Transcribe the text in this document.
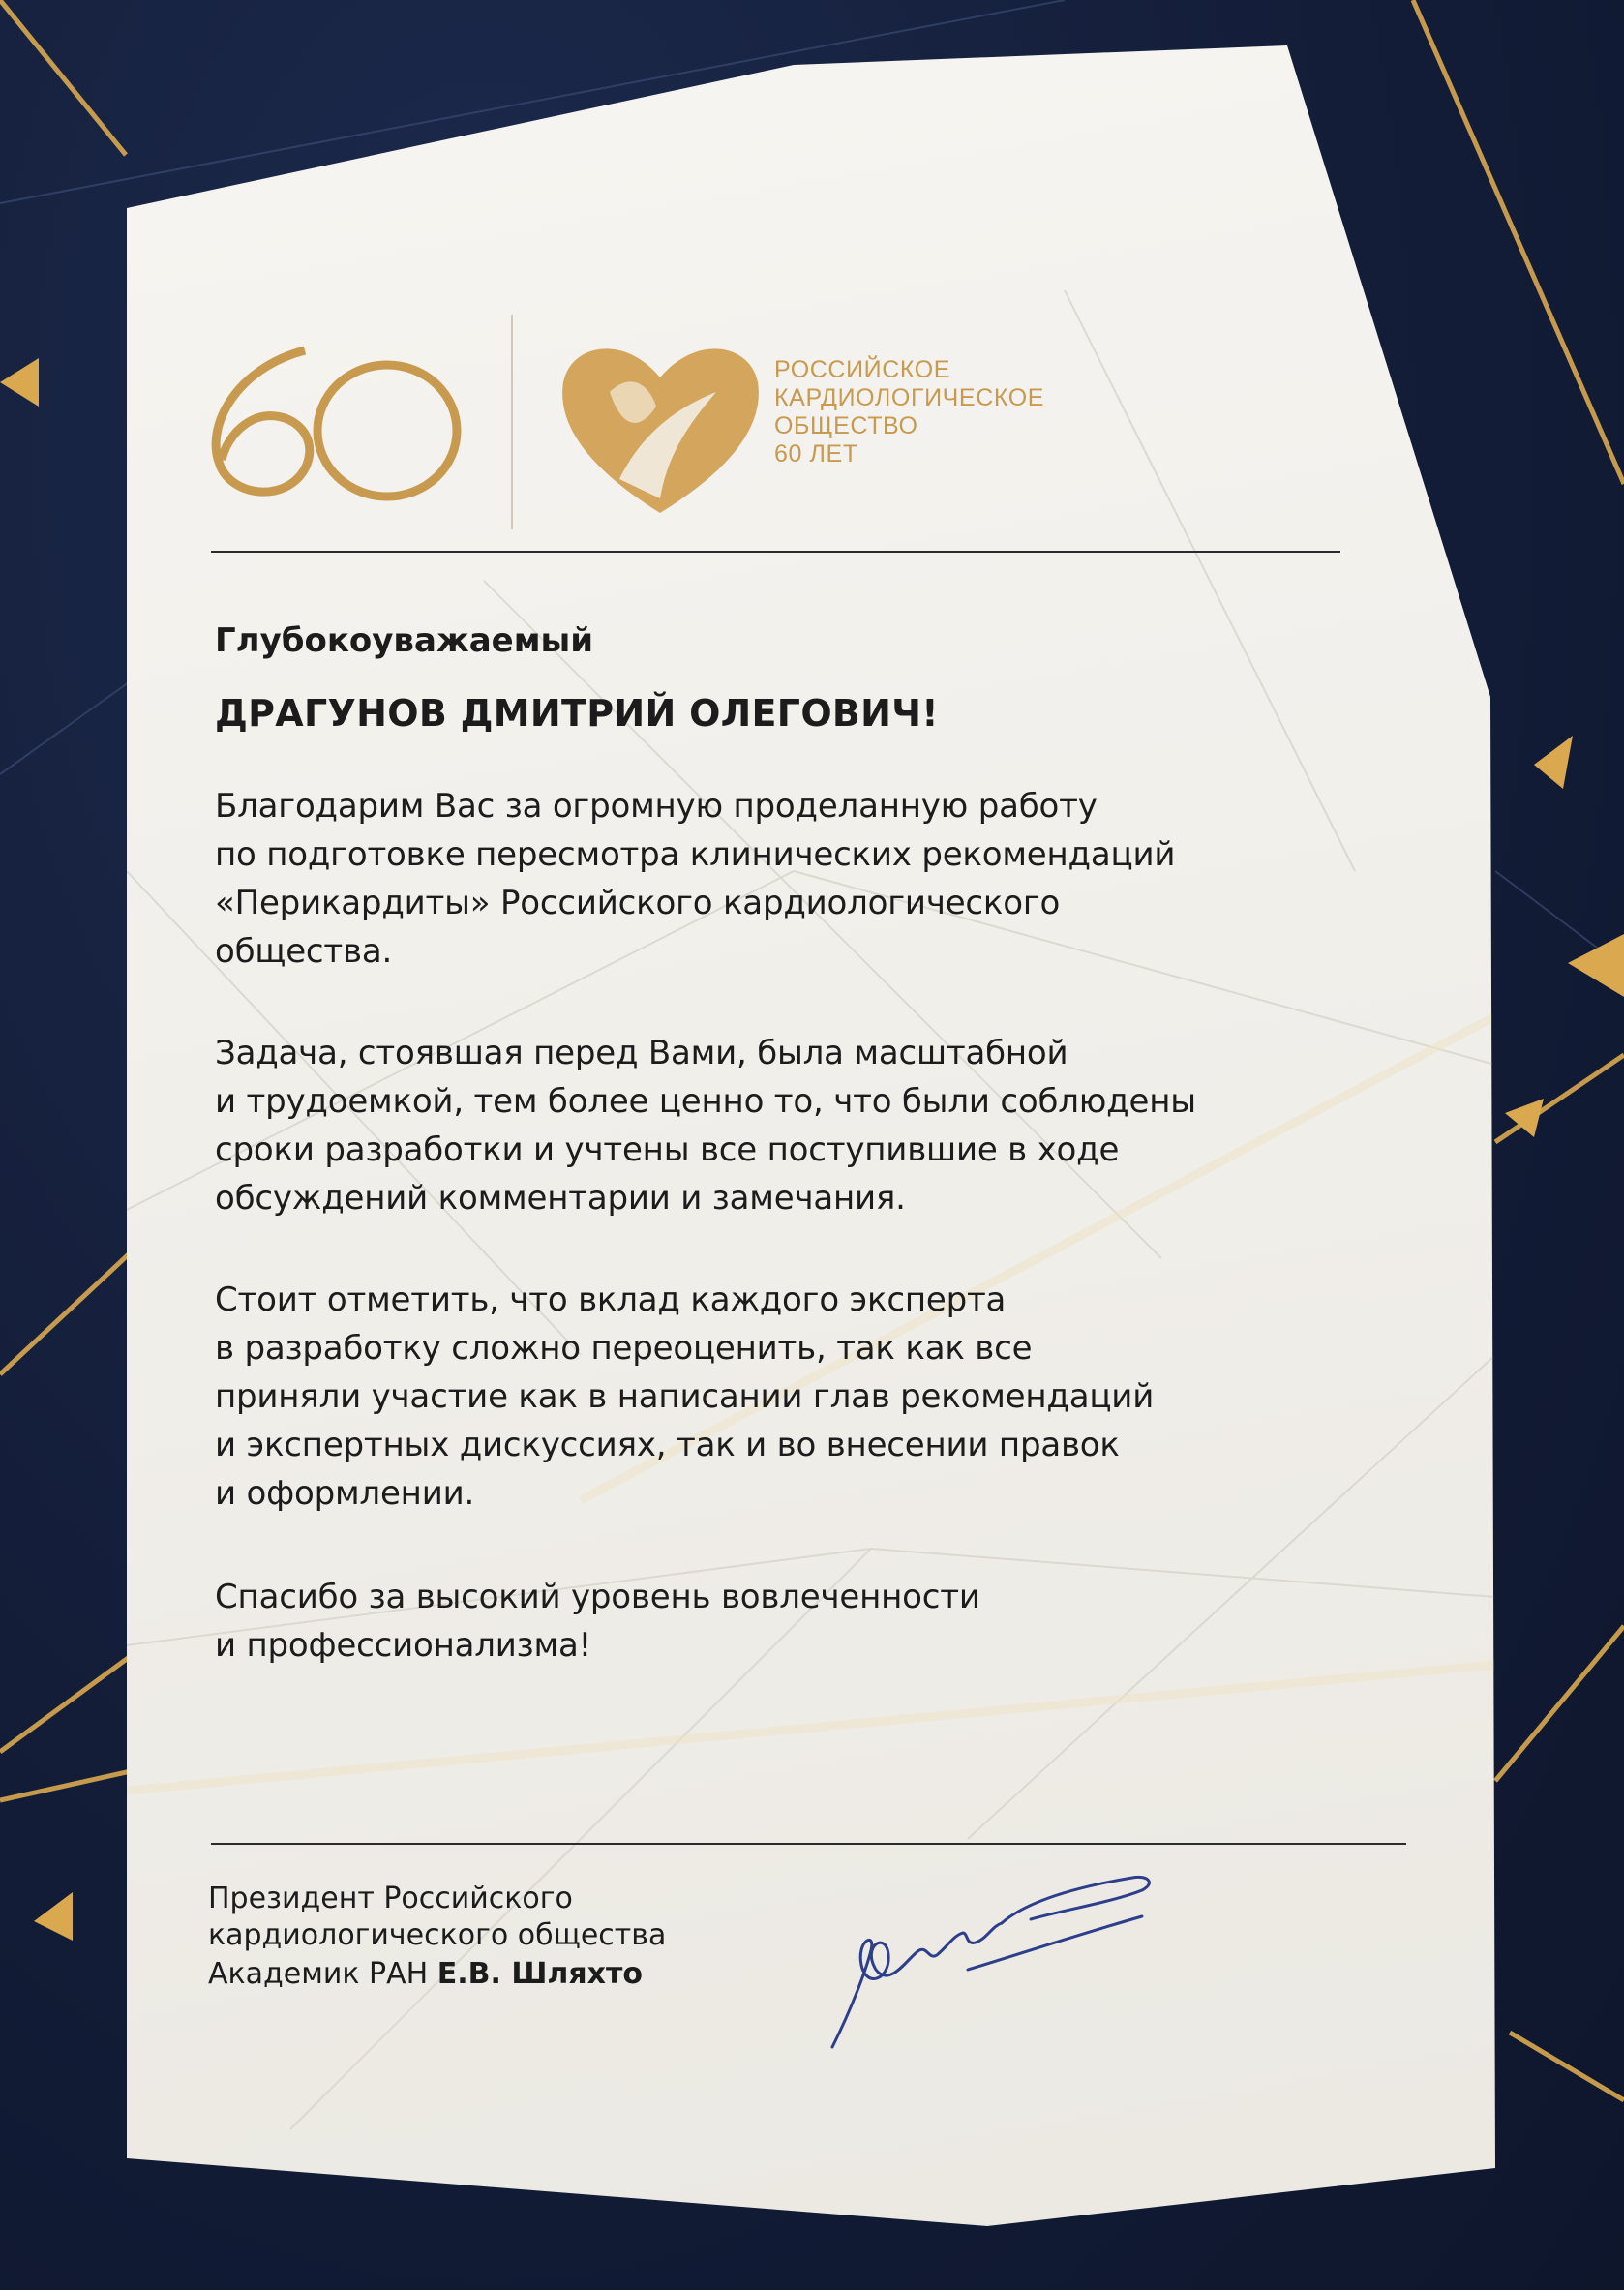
РОССИЙСКОЕ
КАРДИОЛОГИЧЕСКОЕ
ОБЩЕСТВО
60 ЛЕТ

Глубокоуважаемый

ДРАГУНОВ ДМИТРИЙ ОЛЕГОВИЧ!

Благодарим Вас за огромную проделанную работу

по подготовке пересмотра клинических рекомендаций

«Перикардиты» Российского кардиологического

общества.

Задача, стоявшая перед Вами, была масштабной

и трудоемкой, тем более ценно то, что были соблюдены

сроки разработки и учтены все поступившие в ходе

обсуждений комментарии и замечания.

Стоит отметить, что вклад каждого эксперта

в разработку сложно переоценить, так как все

приняли участие как в написании глав рекомендаций

и экспертных дискуссиях, так и во внесении правок

и оформлении.

Спасибо за высокий уровень вовлеченности

и профессионализма!

Президент Российского

кардиологического общества

Академик РАН Е.В. Шляхто
